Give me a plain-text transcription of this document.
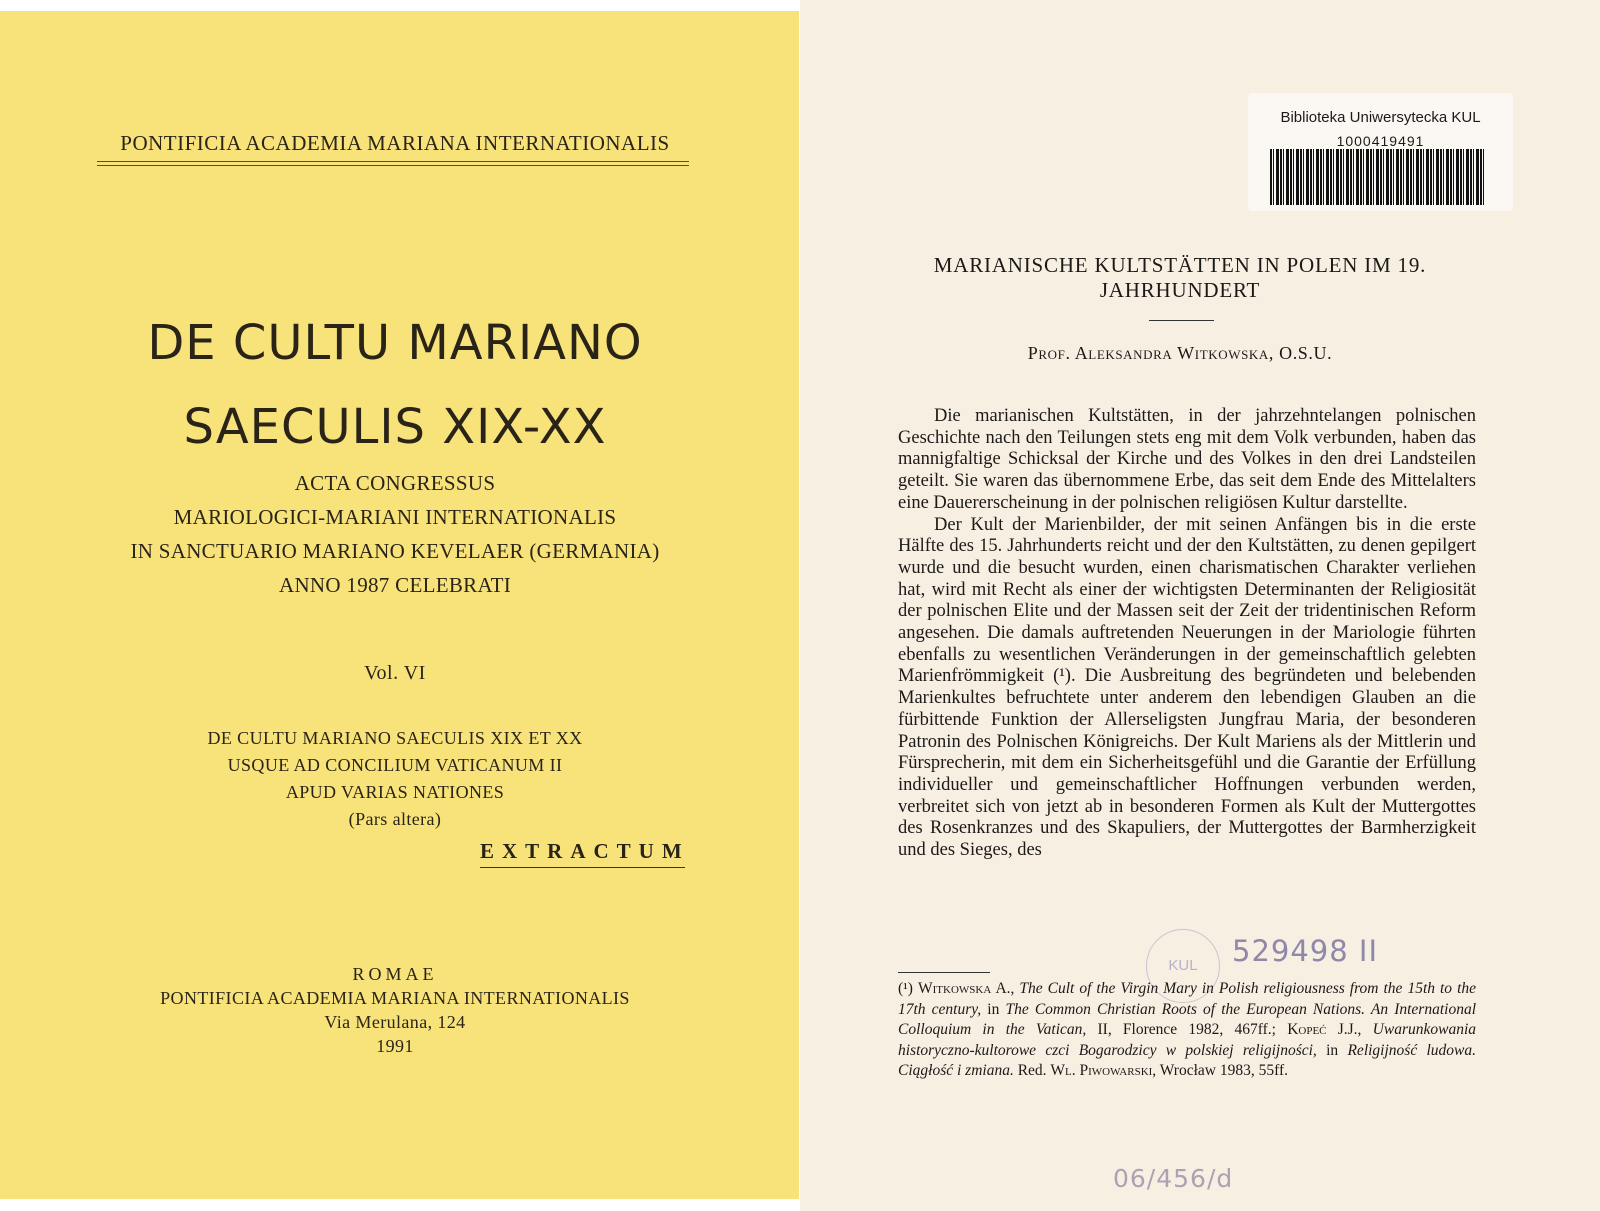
PONTIFICIA ACADEMIA MARIANA INTERNATIONALIS
DE CULTU MARIANO
SAECULIS XIX-XX
ACTA CONGRESSUS
MARIOLOGICI-MARIANI INTERNATIONALIS
IN SANCTUARIO MARIANO KEVELAER (GERMANIA)
ANNO 1987 CELEBRATI
Vol. VI
DE CULTU MARIANO SAECULIS XIX ET XX
USQUE AD CONCILIUM VATICANUM II
APUD VARIAS NATIONES
(Pars altera)
EXTRACTUM
ROMAE
PONTIFICIA ACADEMIA MARIANA INTERNATIONALIS
Via Merulana, 124
1991
Biblioteka Uniwersytecka KUL
1000419491
MARIANISCHE KULTSTÄTTEN IN POLEN IM 19.
JAHRHUNDERT
Prof. Aleksandra Witkowska, O.S.U.

Die marianischen Kultstätten, in der jahrzehntelangen polnischen Geschichte nach den Teilungen stets eng mit dem Volk verbunden, haben das mannigfaltige Schicksal der Kirche und des Volkes in den drei Landsteilen geteilt. Sie waren das übernommene Erbe, das seit dem Ende des Mittelalters eine Dauererscheinung in der polnischen religiösen Kultur darstellte.

Der Kult der Marienbilder, der mit seinen Anfängen bis in die erste Hälfte des 15. Jahrhunderts reicht und der den Kultstätten, zu denen gepilgert wurde und die besucht wurden, einen charismatischen Charakter verliehen hat, wird mit Recht als einer der wichtigsten Determinanten der Religiosität der polnischen Elite und der Massen seit der Zeit der tridentinischen Reform angesehen. Die damals auftretenden Neuerungen in der Mariologie führten ebenfalls zu wesentlichen Veränderungen in der gemeinschaftlich gelebten Marienfrömmigkeit (¹). Die Ausbreitung des begründeten und belebenden Marienkultes befruchtete unter anderem den lebendigen Glauben an die fürbittende Funktion der Allerseligsten Jungfrau Maria, der besonderen Patronin des Polnischen Königreichs. Der Kult Mariens als der Mittlerin und Fürsprecherin, mit dem ein Sicherheitsgefühl und die Garantie der Erfüllung individueller und gemeinschaftlicher Hoffnungen verbunden werden, verbreitet sich von jetzt ab in besonderen Formen als Kult der Muttergottes des Rosenkranzes und des Skapuliers, der Muttergottes der Barmherzigkeit und des Sieges, des

KUL	529498 II
(¹) Witkowska A., The Cult of the Virgin Mary in Polish religiousness from the 15th to the 17th century, in The Common Christian Roots of the European Nations. An International Colloquium in the Vatican, II, Florence 1982, 467ff.; Kopeć J.J., Uwarunkowania historyczno-kultorowe czci Bogarodzicy w polskiej religijności, in Religijność ludowa. Ciągłość i zmiana. Red. Wl. Piwowarski, Wrocław 1983, 55ff.
06/456/d
